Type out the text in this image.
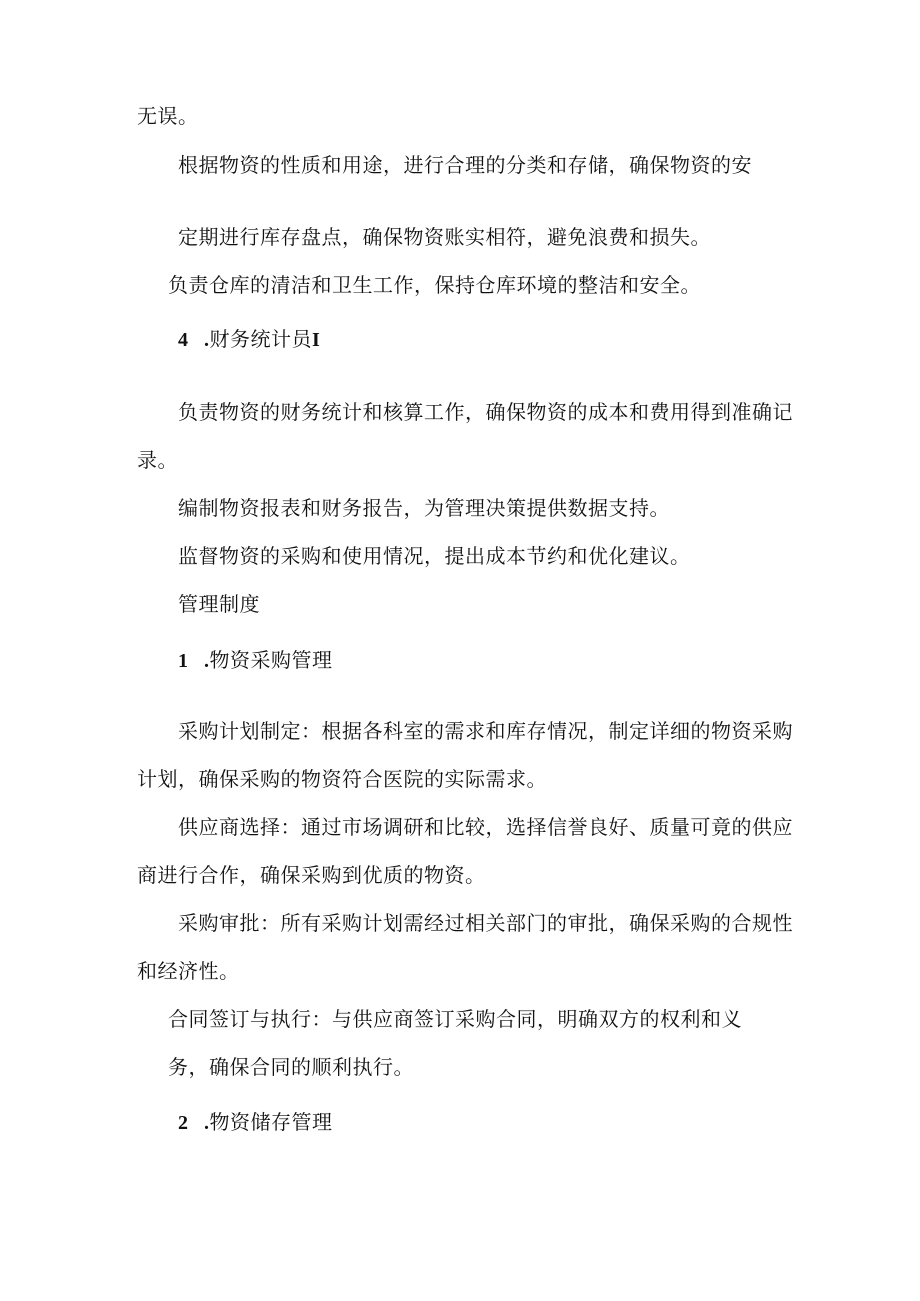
无误。
根据物资的性质和用途，进行合理的分类和存储，确保物资的安
定期进行库存盘点，确保物资账实相符，避免浪费和损失。
负责仓库的清洁和卫生工作，保持仓库环境的整洁和安全。
4 .财务统计员I
负责物资的财务统计和核算工作，确保物资的成本和费用得到准确记
录。
编制物资报表和财务报告，为管理决策提供数据支持。
监督物资的采购和使用情况，提出成本节约和优化建议。
管理制度
1 .物资采购管理
采购计划制定：根据各科室的需求和库存情况，制定详细的物资采购
计划，确保采购的物资符合医院的实际需求。
供应商选择：通过市场调研和比较，选择信誉良好、质量可竟的供应
商进行合作，确保采购到优质的物资。
采购审批：所有采购计划需经过相关部门的审批，确保采购的合规性
和经济性。
合同签订与执行：与供应商签订采购合同，明确双方的权利和义
务，确保合同的顺利执行。
2 .物资储存管理
